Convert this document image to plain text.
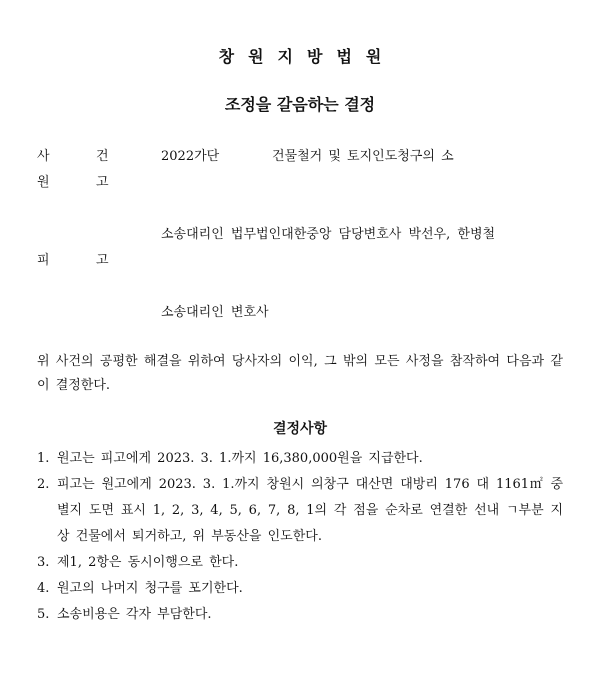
창원지방법원
조정을 갈음하는 결정
사	건	2022가단	건물철거 및 토지인도청구의 소
원	고
소송대리인 법무법인대한중앙 담당변호사 박선우, 한병철
피	고
소송대리인 변호사

위 사건의 공평한 해결을 위하여 당사자의 이익, 그 밖의 모든 사정을 참작하여 다음과 같이 결정한다.

결정사항
1. 원고는 피고에게 2023. 3. 1.까지 16,380,000원을 지급한다.
2. 피고는 원고에게 2023. 3. 1.까지 창원시 의창구 대산면 대방리 176 대 1161㎡ 중 별지 도면 표시 1, 2, 3, 4, 5, 6, 7, 8, 1의 각 점을 순차로 연결한 선내 ㄱ부분 지상 건물에서 퇴거하고, 위 부동산을 인도한다.
3. 제1, 2항은 동시이행으로 한다.
4. 원고의 나머지 청구를 포기한다.
5. 소송비용은 각자 부담한다.
